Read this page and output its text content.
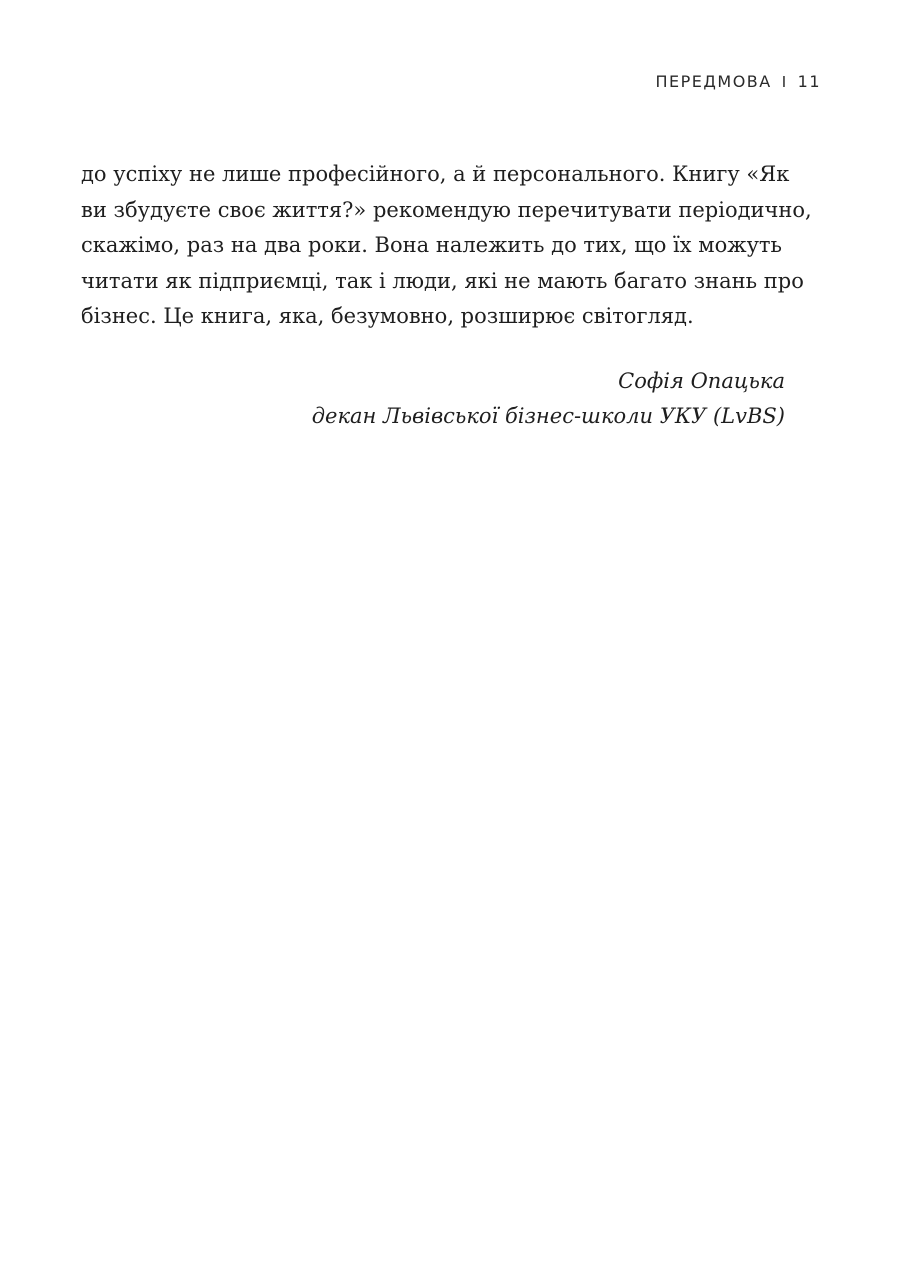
ПЕРЕДМОВА I 11
до успіху не лише професійного, а й персонального. Книгу «Як
ви збудуєте своє життя?» рекомендую перечитувати періодично,
скажімо, раз на два роки. Вона належить до тих, що їх можуть
читати як підприємці, так і люди, які не мають багато знань про
бізнес. Це книга, яка, безумовно, розширює світогляд.
Софія Опацька
декан Львівської бізнес-школи УКУ (LvBS)
